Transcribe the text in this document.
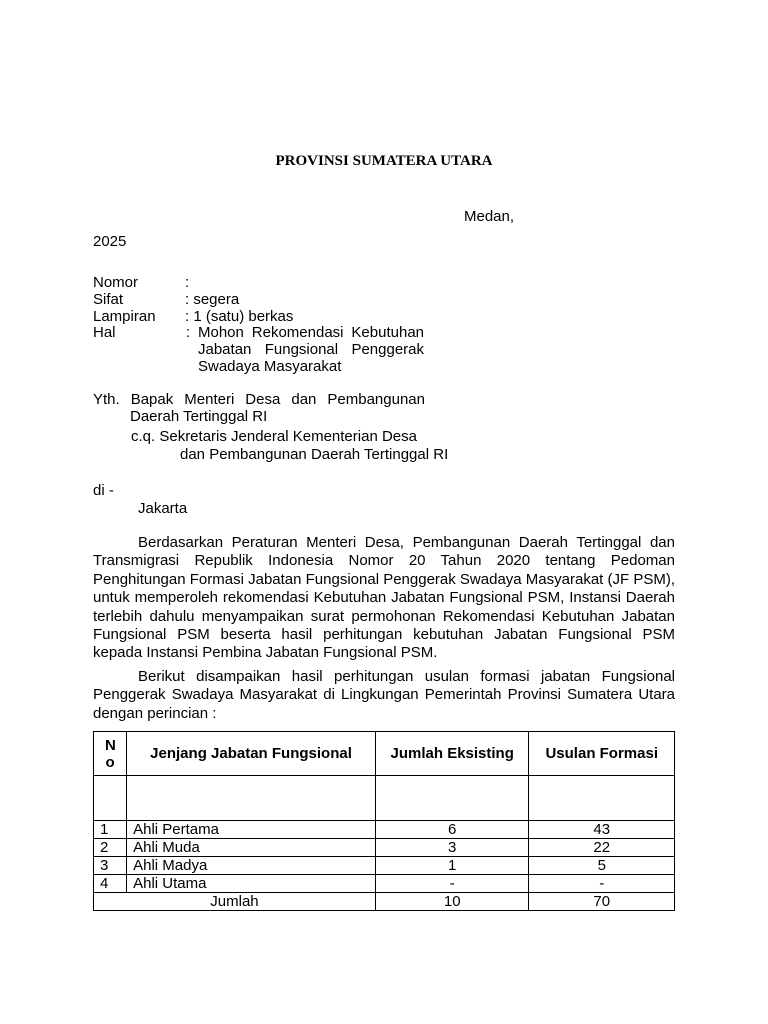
PROVINSI SUMATERA UTARA
Medan,
2025
Nomor	:
Sifat	: segera
Lampiran : 1 (satu) berkas
Hal	: Mohon Rekomendasi Kebutuhan
Jabatan Fungsional Penggerak
Swadaya Masyarakat
Yth. Bapak Menteri Desa dan Pembangunan
Daerah Tertinggal RI
c.q. Sekretaris Jenderal Kementerian Desa
dan Pembangunan Daerah Tertinggal RI
di -
Jakarta
Berdasarkan Peraturan Menteri Desa, Pembangunan Daerah Tertinggal dan Transmigrasi Republik Indonesia Nomor 20 Tahun 2020 tentang Pedoman Penghitungan Formasi Jabatan Fungsional Penggerak Swadaya Masyarakat (JF PSM), untuk memperoleh rekomendasi Kebutuhan Jabatan Fungsional PSM, Instansi Daerah terlebih dahulu menyampaikan surat permohonan Rekomendasi Kebutuhan Jabatan Fungsional PSM beserta hasil perhitungan kebutuhan Jabatan Fungsional PSM kepada Instansi Pembina Jabatan Fungsional PSM.
Berikut disampaikan hasil perhitungan usulan formasi jabatan Fungsional Penggerak Swadaya Masyarakat di Lingkungan Pemerintah Provinsi Sumatera Utara dengan perincian :
No	Jenjang Jabatan Fungsional	Jumlah Eksisting	Usulan Formasi

1	Ahli Pertama	6	43
2	Ahli Muda	3	22
3	Ahli Madya	1	5
4	Ahli Utama	-	-
Jumlah		10	70
